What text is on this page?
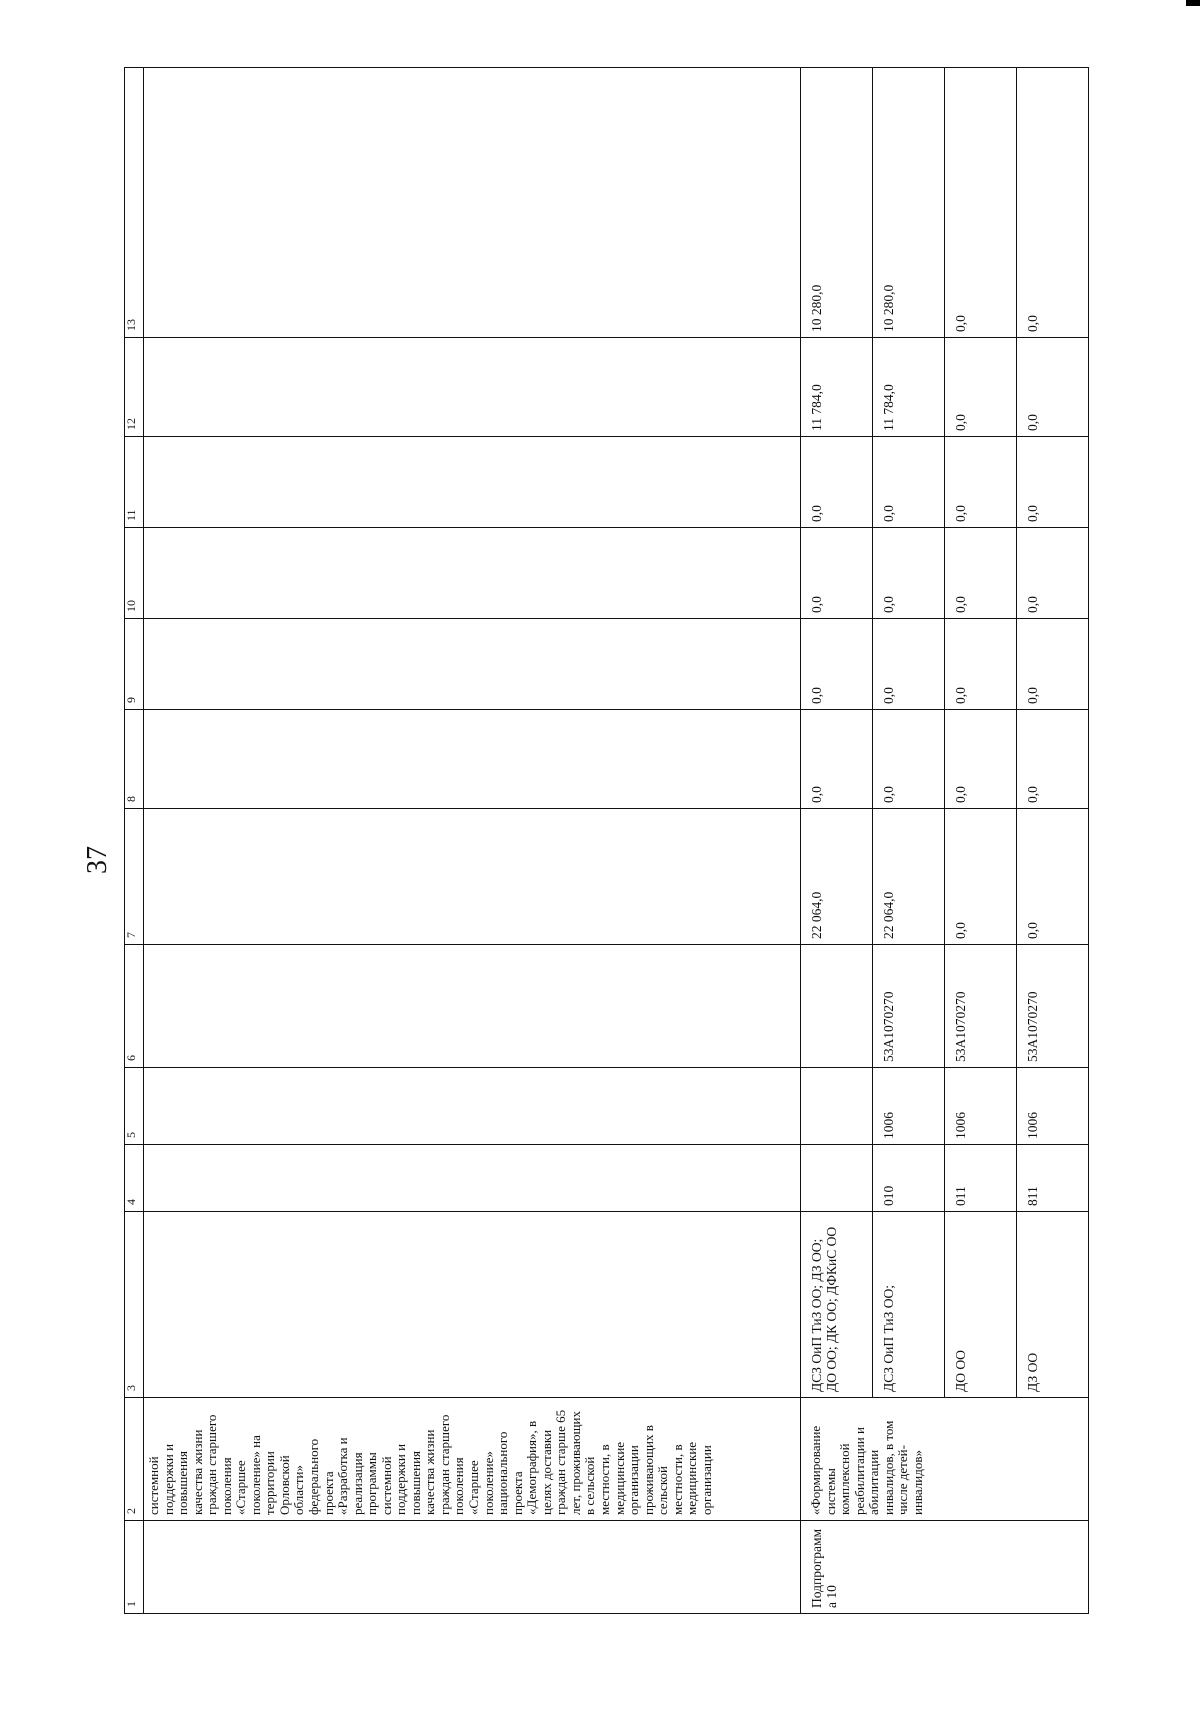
37
1	2	3	4	5	6	7	8	9	10	11	12	13
	системной поддержки и повышения качества жизни граждан старшего поколения «Старшее поколение» на территории Орловской области» федерального проекта «Разработка и реализация программы системной поддержки и повышения качества жизни граждан старшего поколения «Старшее поколение» национального проекта «Демография», в целях доставки граждан старше 65 лет, проживающих в сельской местности, в медицинские организации проживающих в сельской местности, в медицинские организации											
Подпрограмма 10	«Формирование системы комплексной реабилитации и абилитации инвалидов, в том числе детей-инвалидов»	ДСЗ ОиП ТиЗ ОО; ДЗ ОО; ДО ОО; ДК ОО; ДФКиС ОО				22 064,0	0,0	0,0	0,0	0,0	11 784,0	10 280,0
		ДСЗ ОиП ТиЗ ОО;	010	1006	53А1070270	22 064,0	0,0	0,0	0,0	0,0	11 784,0	10 280,0
		ДО ОО	011	1006	53А1070270	0,0	0,0	0,0	0,0	0,0	0,0	0,0
		ДЗ ОО	811	1006	53А1070270	0,0	0,0	0,0	0,0	0,0	0,0	0,0
